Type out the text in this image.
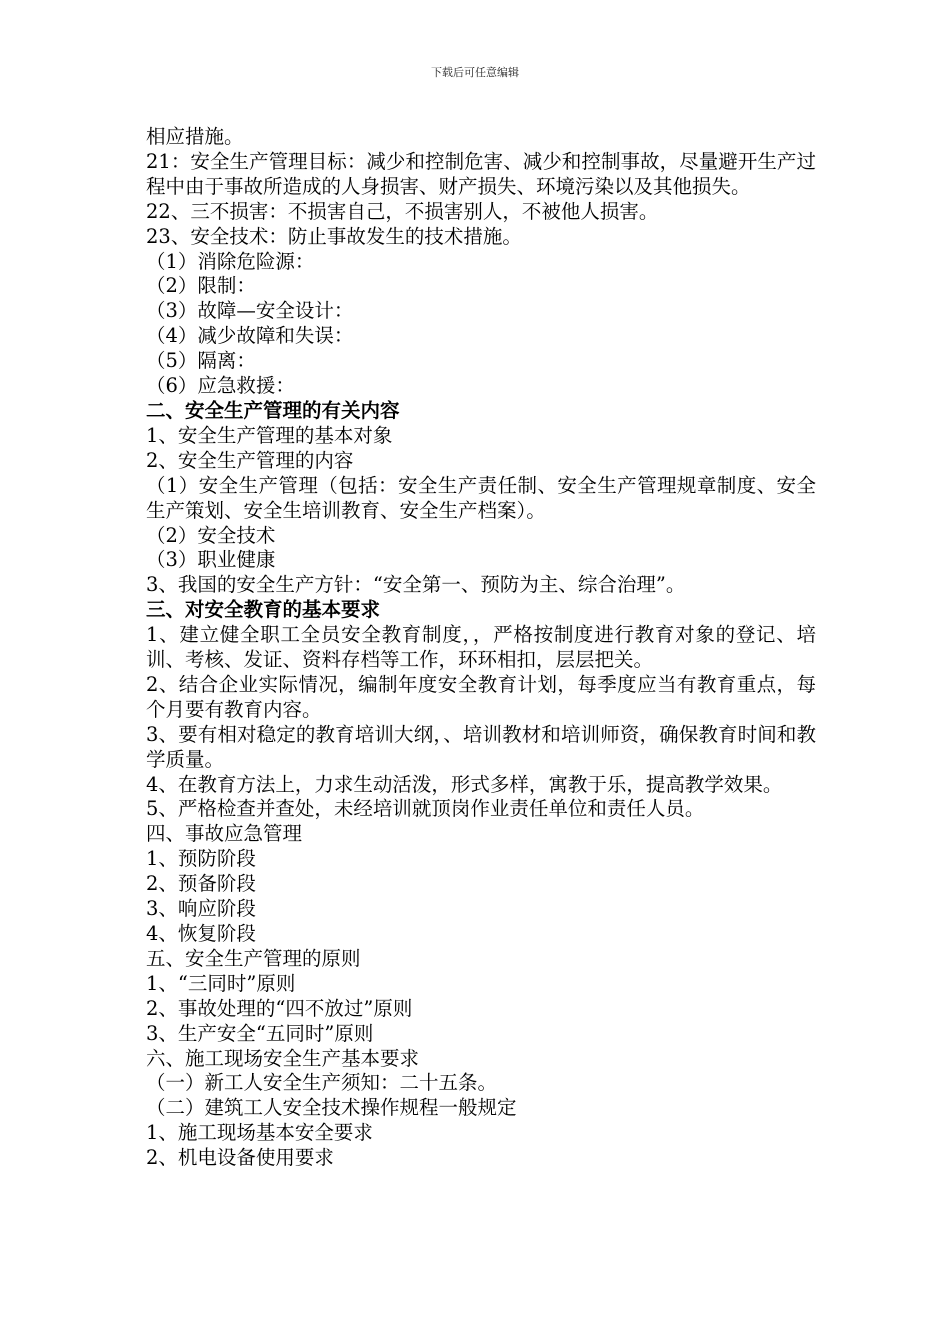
下载后可任意编辑

相应措施。

21：安全生产管理目标：减少和控制危害、减少和控制事故，尽量避开生产过程中由于事故所造成的人身损害、财产损失、环境污染以及其他损失。

22、三不损害：不损害自己，不损害别人，不被他人损害。

23、安全技术：防止事故发生的技术措施。

（1）消除危险源：

（2）限制：

（3）故障—安全设计：

（4）减少故障和失误：

（5）隔离：

（6）应急救援：

二、安全生产管理的有关内容

1、安全生产管理的基本对象

2、安全生产管理的内容

（1）安全生产管理（包括：安全生产责任制、安全生产管理规章制度、安全生产策划、安全生培训教育、安全生产档案）。

（2）安全技术

（3）职业健康

3、我国的安全生产方针：“安全第一、预防为主、综合治理”。

三、对安全教育的基本要求

1、建立健全职工全员安全教育制度，，严格按制度进行教育对象的登记、培训、考核、发证、资料存档等工作，环环相扣，层层把关。

2、结合企业实际情况，编制年度安全教育计划，每季度应当有教育重点，每个月要有教育内容。

3、要有相对稳定的教育培训大纲，、培训教材和培训师资，确保教育时间和教学质量。

4、在教育方法上，力求生动活泼，形式多样，寓教于乐，提高教学效果。

5、严格检查并查处，未经培训就顶岗作业责任单位和责任人员。

四、事故应急管理

1、预防阶段

2、预备阶段

3、响应阶段

4、恢复阶段

五、安全生产管理的原则

1、“三同时”原则

2、事故处理的“四不放过”原则

3、生产安全“五同时”原则

六、施工现场安全生产基本要求

（一）新工人安全生产须知：二十五条。

（二）建筑工人安全技术操作规程一般规定

1、施工现场基本安全要求

2、机电设备使用要求
